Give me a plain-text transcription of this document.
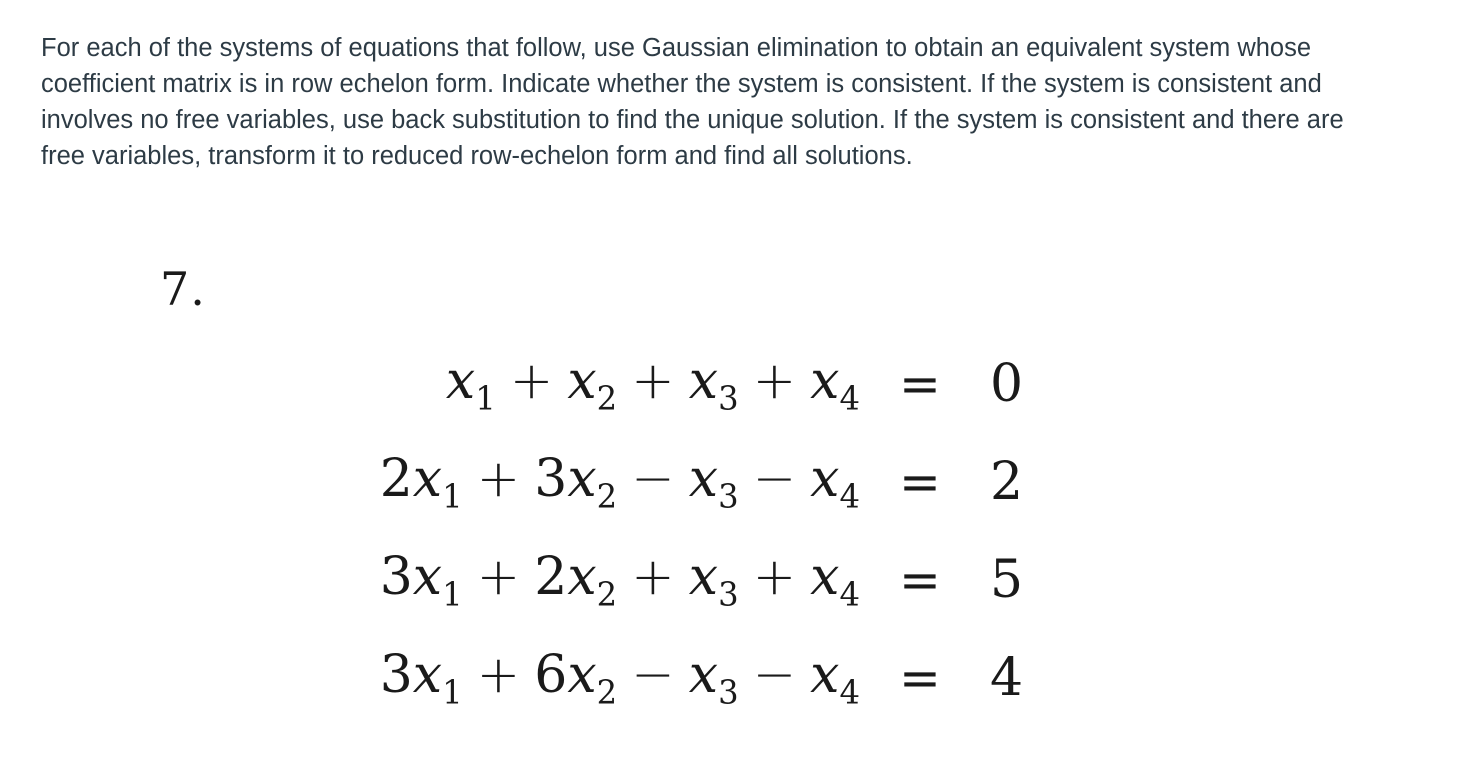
For each of the systems of equations that follow, use Gaussian elimination to obtain an equivalent system whose coefficient matrix is in row echelon form. Indicate whether the system is consistent. If the system is consistent and involves no free variables, use back substitution to find the unique solution. If the system is consistent and there are free variables, transform it to reduced row-echelon form and find all solutions.

7.
$x_1 + x_2 + x_3 + x_4$	=	0
$2x_1 + 3x_2 - x_3 - x_4$	=	2
$3x_1 + 2x_2 + x_3 + x_4$	=	5
$3x_1 + 6x_2 - x_3 - x_4$	=	4
